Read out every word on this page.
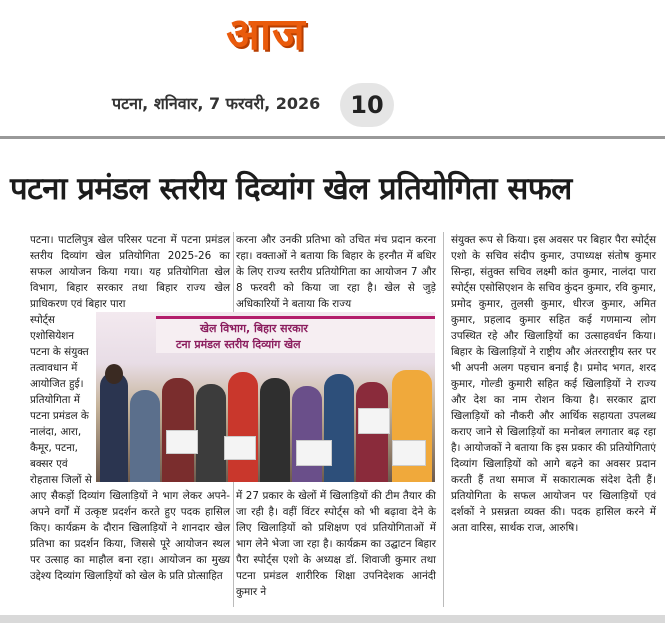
आज
पटना, शनिवार, 7 फरवरी, 2026	10
पटना प्रमंडल स्तरीय दिव्यांग खेल प्रतियोगिता सफल
पटना। पाटलिपुत्र खेल परिसर पटना में पटना प्रमंडल स्तरीय दिव्यांग खेल प्रतियोगिता 2025-26 का सफल आयोजन किया गया। यह प्रतियोगिता खेल विभाग, बिहार सरकार तथा बिहार राज्य खेल प्राधिकरण एवं बिहार पारा
स्पोर्ट्स एशोसियेशन पटना के संयुक्त तत्वावधान में आयोजित हुई। प्रतियोगिता में पटना प्रमंडल के नालंदा, आरा, कैमूर, पटना, बक्सर एवं रोहतास जिलों से
आए सैकड़ों दिव्यांग खिलाड़ियों ने भाग लेकर अपने-अपने वर्गों में उत्कृष्ट प्रदर्शन करते हुए पदक हासिल किए। कार्यक्रम के दौरान खिलाड़ियों ने शानदार खेल प्रतिभा का प्रदर्शन किया, जिससे पूरे आयोजन स्थल पर उत्साह का माहौल बना रहा। आयोजन का मुख्य उद्देश्य दिव्यांग खिलाड़ियों को खेल के प्रति प्रोत्साहित
करना और उनकी प्रतिभा को उचित मंच प्रदान करना रहा। वक्ताओं ने बताया कि बिहार के हरनौत में बधिर के लिए राज्य स्तरीय प्रतियोगिता का आयोजन 7 और 8 फरवरी को किया जा रहा है। खेल से जुड़े अधिकारियों ने बताया कि राज्य
खेल विभाग, बिहार सरकार
टना प्रमंडल स्तरीय दिव्यांग खेल
में 27 प्रकार के खेलों में खिलाड़ियों की टीम तैयार की जा रही है। वहीं विंटर स्पोर्ट्स को भी बढ़ावा देने के लिए खिलाड़ियों को प्रशिक्षण एवं प्रतियोगिताओं में भाग लेने भेजा जा रहा है। कार्यक्रम का उद्घाटन बिहार पैरा स्पोर्ट्स एशो के अध्यक्ष डॉ. शिवाजी कुमार तथा पटना प्रमंडल शारीरिक शिक्षा उपनिदेशक आनंदी कुमार ने
संयुक्त रूप से किया। इस अवसर पर बिहार पैरा स्पोर्ट्स एशो के सचिव संदीप कुमार, उपाध्यक्ष संतोष कुमार सिन्हा, संतुक्त सचिव लक्ष्मी कांत कुमार, नालंदा पारा स्पोर्ट्स एसोसिएशन के सचिव कुंदन कुमार, रवि कुमार, प्रमोद कुमार, तुलसी कुमार, धीरज कुमार, अमित कुमार, प्रहलाद कुमार सहित कई गणमान्य लोग उपस्थित रहे और खिलाड़ियों का उत्साहवर्धन किया। बिहार के खिलाड़ियों ने राष्ट्रीय और अंतरराष्ट्रीय स्तर पर भी अपनी अलग पहचान बनाई है। प्रमोद भगत, शरद कुमार, गोल्डी कुमारी सहित कई खिलाड़ियों ने राज्य और देश का नाम रोशन किया है। सरकार द्वारा खिलाड़ियों को नौकरी और आर्थिक सहायता उपलब्ध कराए जाने से खिलाड़ियों का मनोबल लगातार बढ़ रहा है। आयोजकों ने बताया कि इस प्रकार की प्रतियोगिताएं दिव्यांग खिलाड़ियों को आगे बढ़ने का अवसर प्रदान करती हैं तथा समाज में सकारात्मक संदेश देती हैं। प्रतियोगिता के सफल आयोजन पर खिलाड़ियों एवं दर्शकों ने प्रसन्नता व्यक्त की। पदक हासिल करने में अता वारिस, सार्थक राज, आरुषि।
